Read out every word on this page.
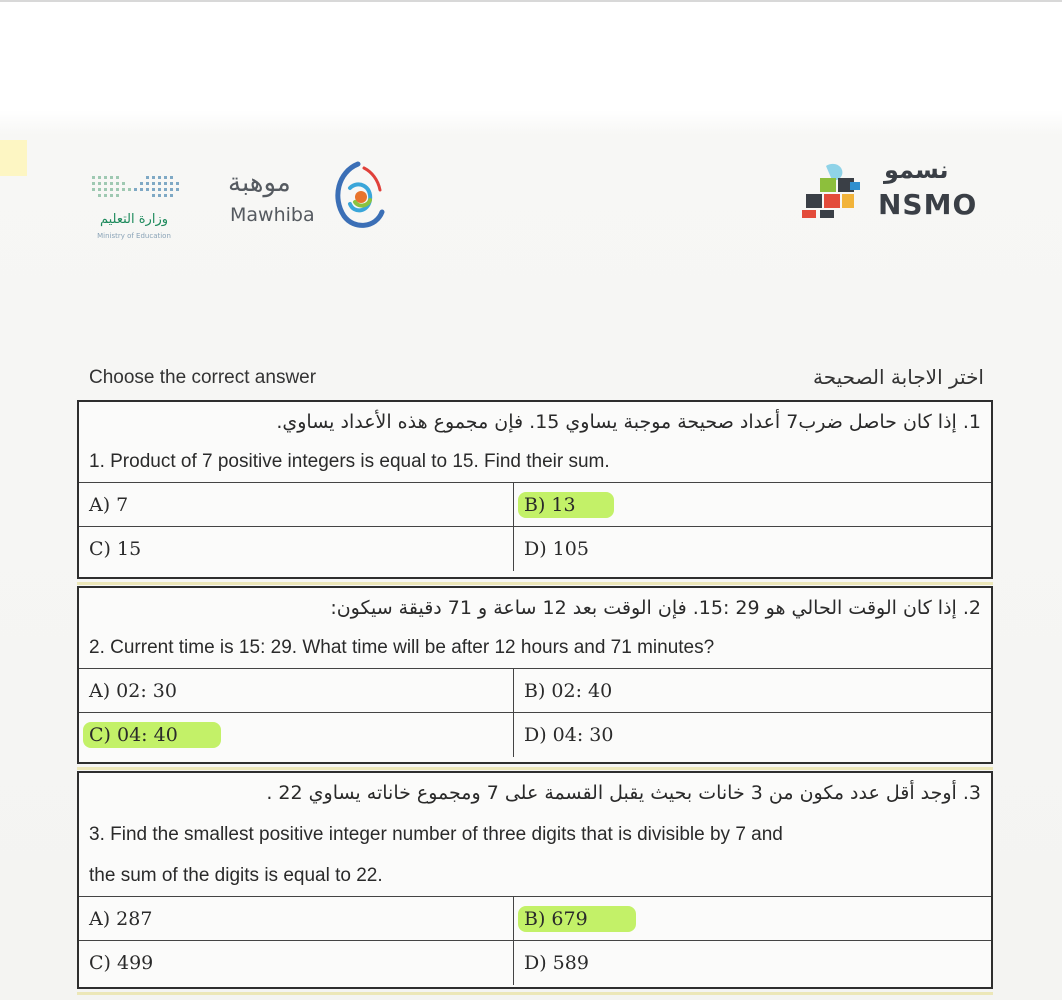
وزارة التعليم
Ministry of Education
موهبة
Mawhiba
نسمو
NSMO
Choose the correct answer	اختر الاجابة الصحيحة
1. إذا كان حاصل ضرب7 أعداد صحيحة موجبة يساوي 15. فإن مجموع هذه الأعداد يساوي.
1. Product of 7 positive integers is equal to 15. Find their sum.
A) 7	B) 13
C) 15	D) 105
2. إذا كان الوقت الحالي هو 29 :15. فإن الوقت بعد 12 ساعة و 71 دقيقة سيكون:
2. Current time is 15: 29. What time will be after 12 hours and 71 minutes?
A) 02: 30	B) 02: 40
C) 04: 40	D) 04: 30
3. أوجد أقل عدد مكون من 3 خانات بحيث يقبل القسمة على 7 ومجموع خاناته يساوي 22 .
3. Find the smallest positive integer number of three digits that is divisible by 7 and
the sum of the digits is equal to 22.
A) 287	B) 679
C) 499	D) 589
